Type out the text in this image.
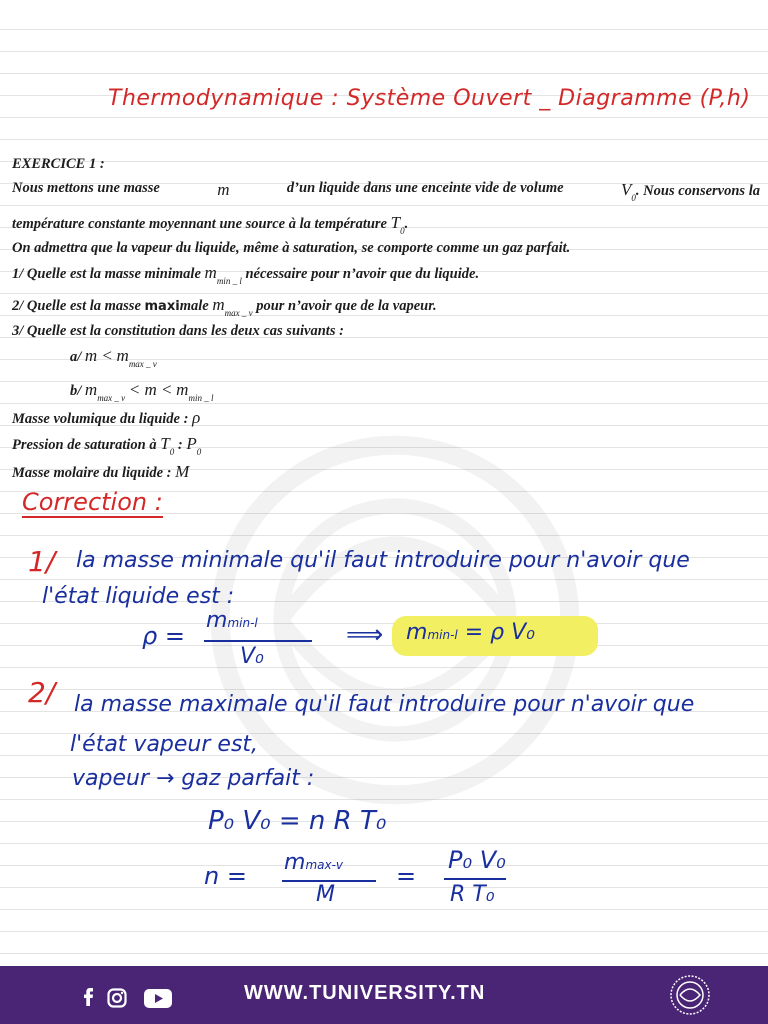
Thermodynamique : Système Ouvert _ Diagramme (P,h)
EXERCICE 1 :
Nous mettons une masse	m	d’un liquide dans une enceinte vide de volume	$V_0$. Nous conservons la
température constante moyennant une source à la température $T_0$.
On admettra que la vapeur du liquide, même à saturation, se comporte comme un gaz parfait.
1/ Quelle est la masse minimale $m_{min \_ l}$ nécessaire pour n’avoir que du liquide.
2/ Quelle est la masse maximale $m_{max \_ v}$ pour n’avoir que de la vapeur.
3/ Quelle est la constitution dans les deux cas suivants :
a/ $m < m_{max \_ v}$
b/ $m_{max \_ v} < m < m_{min \_ l}$
Masse volumique du liquide : ρ
Pression de saturation à $T_0$ : $P_0$
Masse molaire du liquide : M
Correction :
1/ la masse minimale qu'il faut introduire pour n'avoir que
l'état liquide est :
ρ =
mmin-l
V₀
⟹ mmin-l = ρ V₀
2/ la masse maximale qu'il faut introduire pour n'avoir que
l'état vapeur est,
vapeur → gaz parfait :
P₀ V₀ = n R T₀
n = mmax-v
M
=
P₀ V₀
R T₀
WWW.TUNIVERSITY.TN
